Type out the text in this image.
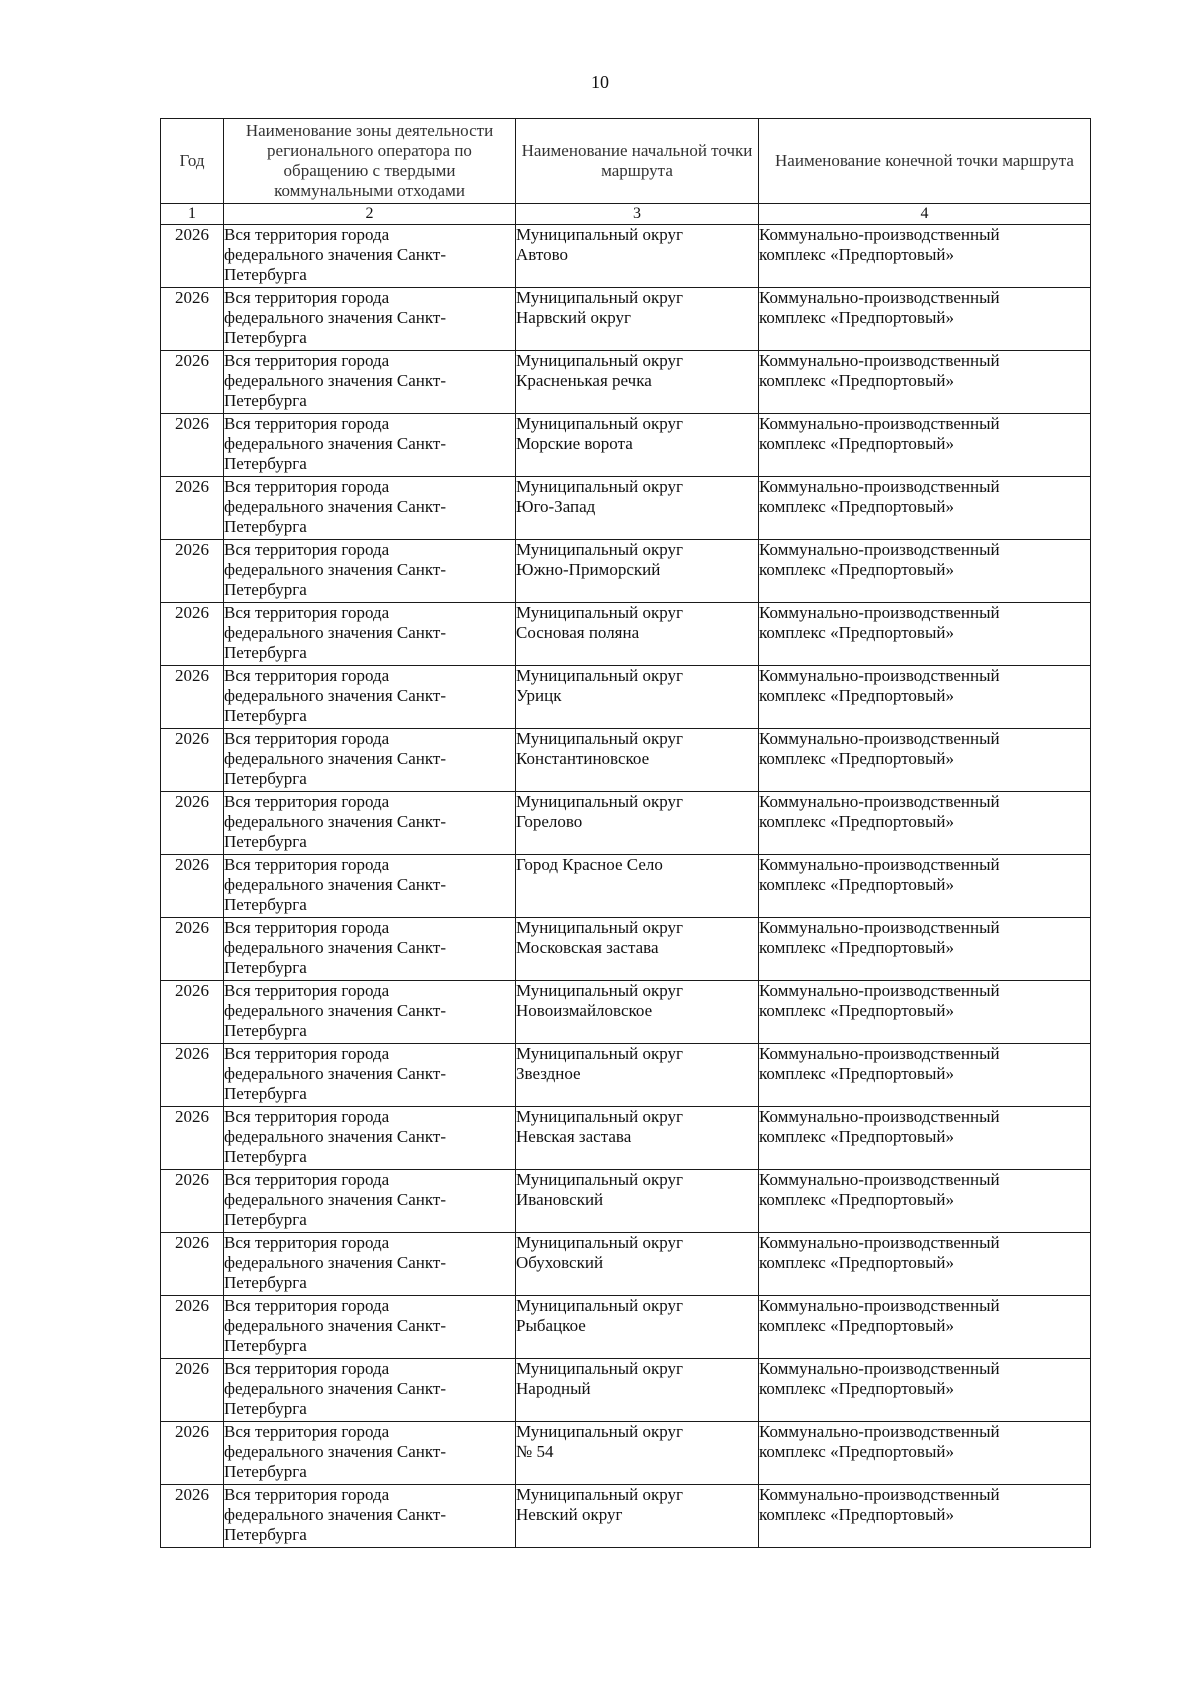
10
Год	Наименование зоны деятельности регионального оператора по обращению с твердыми коммунальными отходами	Наименование начальной точки маршрута	Наименование конечной точки маршрута
1	2	3	4
2026	Вся территория города
федерального значения Санкт-
Петербурга	Муниципальный округ
Автово	Коммунально-производственный
комплекс «Предпортовый»

2026	Вся территория города
федерального значения Санкт-
Петербурга	Муниципальный округ
Нарвский округ	Коммунально-производственный
комплекс «Предпортовый»

2026	Вся территория города
федерального значения Санкт-
Петербурга	Муниципальный округ
Красненькая речка	Коммунально-производственный
комплекс «Предпортовый»

2026	Вся территория города
федерального значения Санкт-
Петербурга	Муниципальный округ
Морские ворота	Коммунально-производственный
комплекс «Предпортовый»

2026	Вся территория города
федерального значения Санкт-
Петербурга	Муниципальный округ
Юго-Запад	Коммунально-производственный
комплекс «Предпортовый»

2026	Вся территория города
федерального значения Санкт-
Петербурга	Муниципальный округ
Южно-Приморский	Коммунально-производственный
комплекс «Предпортовый»

2026	Вся территория города
федерального значения Санкт-
Петербурга	Муниципальный округ
Сосновая поляна	Коммунально-производственный
комплекс «Предпортовый»

2026	Вся территория города
федерального значения Санкт-
Петербурга	Муниципальный округ
Урицк	Коммунально-производственный
комплекс «Предпортовый»

2026	Вся территория города
федерального значения Санкт-
Петербурга	Муниципальный округ
Константиновское	Коммунально-производственный
комплекс «Предпортовый»

2026	Вся территория города
федерального значения Санкт-
Петербурга	Муниципальный округ
Горелово	Коммунально-производственный
комплекс «Предпортовый»

2026	Вся территория города
федерального значения Санкт-
Петербурга	Город Красное Село	Коммунально-производственный
комплекс «Предпортовый»

2026	Вся территория города
федерального значения Санкт-
Петербурга	Муниципальный округ
Московская застава	Коммунально-производственный
комплекс «Предпортовый»

2026	Вся территория города
федерального значения Санкт-
Петербурга	Муниципальный округ
Новоизмайловское	Коммунально-производственный
комплекс «Предпортовый»

2026	Вся территория города
федерального значения Санкт-
Петербурга	Муниципальный округ
Звездное	Коммунально-производственный
комплекс «Предпортовый»

2026	Вся территория города
федерального значения Санкт-
Петербурга	Муниципальный округ
Невская застава	Коммунально-производственный
комплекс «Предпортовый»

2026	Вся территория города
федерального значения Санкт-
Петербурга	Муниципальный округ
Ивановский	Коммунально-производственный
комплекс «Предпортовый»

2026	Вся территория города
федерального значения Санкт-
Петербурга	Муниципальный округ
Обуховский	Коммунально-производственный
комплекс «Предпортовый»

2026	Вся территория города
федерального значения Санкт-
Петербурга	Муниципальный округ
Рыбацкое	Коммунально-производственный
комплекс «Предпортовый»

2026	Вся территория города
федерального значения Санкт-
Петербурга	Муниципальный округ
Народный	Коммунально-производственный
комплекс «Предпортовый»

2026	Вся территория города
федерального значения Санкт-
Петербурга	Муниципальный округ
№ 54	Коммунально-производственный
комплекс «Предпортовый»

2026	Вся территория города
федерального значения Санкт-
Петербурга	Муниципальный округ
Невский округ	Коммунально-производственный
комплекс «Предпортовый»
